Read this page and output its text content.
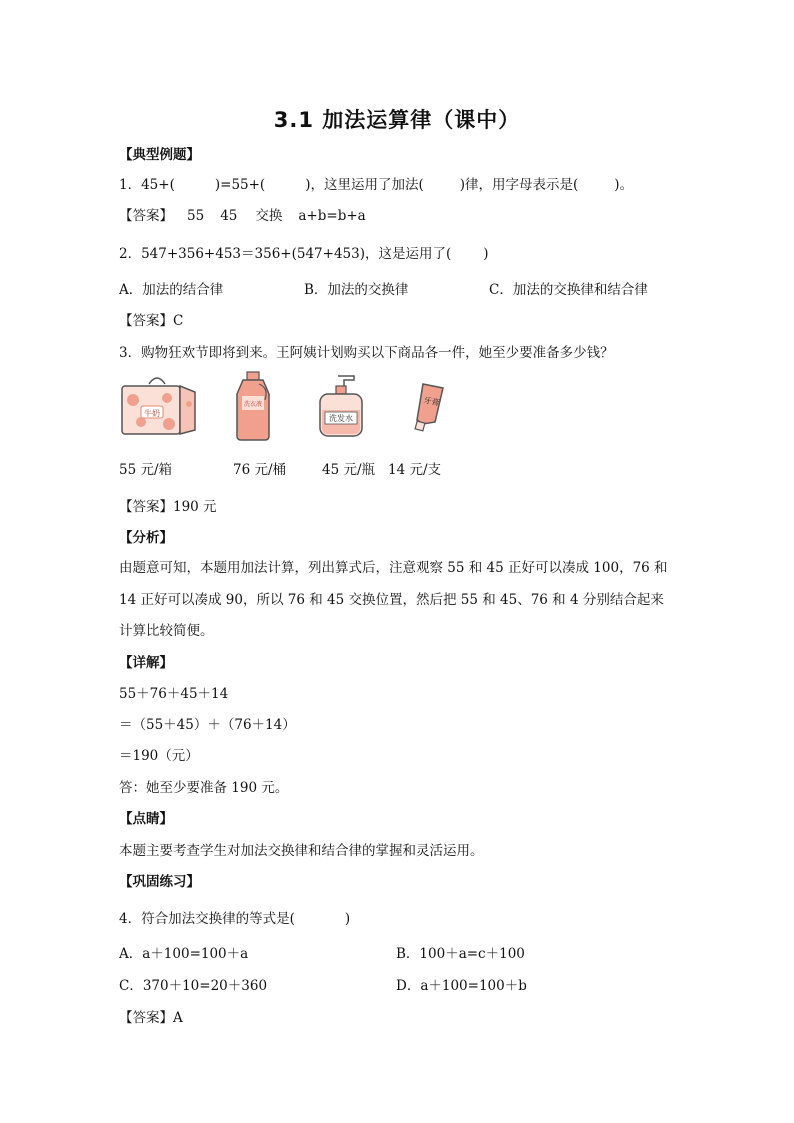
3.1 加法运算律（课中）
【典型例题】
1．45+(	)=55+(	)，这里运用了加法(	)律，用字母表示是(	)。
【答案】 55 45 交换 a+b=b+a
2．547+356+453＝356+(547+453)，这是运用了( )
A．加法的结合律	B．加法的交换律	C．加法的交换律和结合律
【答案】C
3．购物狂欢节即将到来。王阿姨计划购买以下商品各一件，她至少要准备多少钱？
牛奶
洗衣液
洗发水
牙膏
55 元/箱	76 元/桶	45 元/瓶 14 元/支
【答案】190 元
【分析】
由题意可知，本题用加法计算，列出算式后，注意观察 55 和 45 正好可以凑成 100，76 和 14 正好可以凑成 90，所以 76 和 45 交换位置，然后把 55 和 45、76 和 4 分别结合起来计算比较简便。
【详解】
55＋76＋45＋14
＝（55＋45）＋（76＋14）
＝190（元）
答：她至少要准备 190 元。
【点睛】
本题主要考查学生对加法交换律和结合律的掌握和灵活运用。
【巩固练习】
4．符合加法交换律的等式是(	)
A．a＋100=100＋a	B．100＋a=c＋100
C．370＋10=20＋360	D．a＋100=100＋b
【答案】A
